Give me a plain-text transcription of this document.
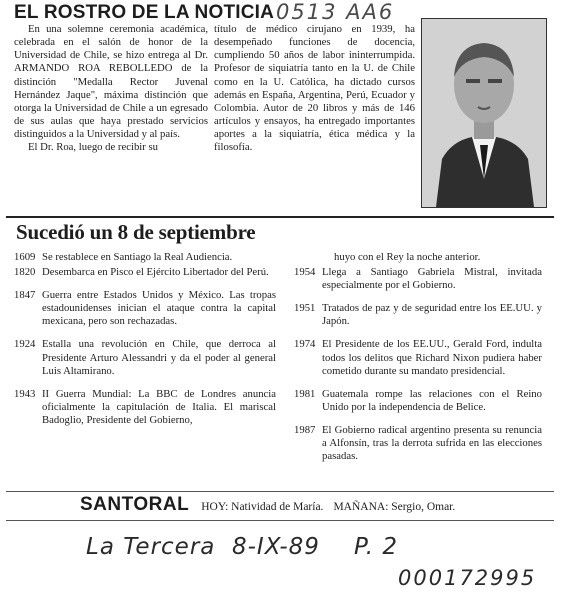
EL ROSTRO DE LA NOTICIA 0513 AA6

En una solemne ceremonia académica, celebrada en el salón de honor de la Universidad de Chile, se hizo entrega al Dr. ARMANDO ROA REBOLLEDO de la distinción "Medalla Rector Juvenal Hernández Jaque", máxima distinción que otorga la Universidad de Chile a un egresado de sus aulas que haya prestado servicios distinguidos a la Universidad y al país.

El Dr. Roa, luego de recibir su

título de médico cirujano en 1939, ha desempeñado funciones de docencia, cumpliendo 50 años de labor ininterrumpida. Profesor de siquiatría tanto en la U. de Chile como en la U. Católica, ha dictado cursos además en España, Argentina, Perú, Ecuador y Colombia. Autor de 20 libros y más de 146 artículos y ensayos, ha entregado importantes aportes a la siquiatría, ética médica y la filosofía.

Sucedió un 8 de septiembre
1609 Se restablece en Santiago la Real Audiencia.
1820 Desembarca en Pisco el Ejército Libertador del Perú.
1847 Guerra entre Estados Unidos y México. Las tropas estadounidenses inician el ataque contra la capital mexicana, pero son rechazadas.
1924 Estalla una revolución en Chile, que derroca al Presidente Arturo Alessandri y da el poder al general Luis Altamirano.
1943 II Guerra Mundial: La BBC de Londres anuncia oficialmente la capitulación de Italia. El mariscal Badoglio, Presidente del Gobierno,
huyo con el Rey la noche anterior.
1954 Llega a Santiago Gabriela Mistral, invitada especialmente por el Gobierno.
1951 Tratados de paz y de seguridad entre los EE.UU. y Japón.
1974 El Presidente de los EE.UU., Gerald Ford, indulta todos los delitos que Richard Nixon pudiera haber cometido durante su mandato presidencial.
1981 Guatemala rompe las relaciones con el Reino Unido por la independencia de Belice.
1987 El Gobierno radical argentino presenta su renuncia a Alfonsín, tras la derrota sufrida en las elecciones pasadas.
SANTORAL HOY: Natividad de María. MAÑANA: Sergio, Omar.
La Tercera 8-IX-89 P. 2
000172995
